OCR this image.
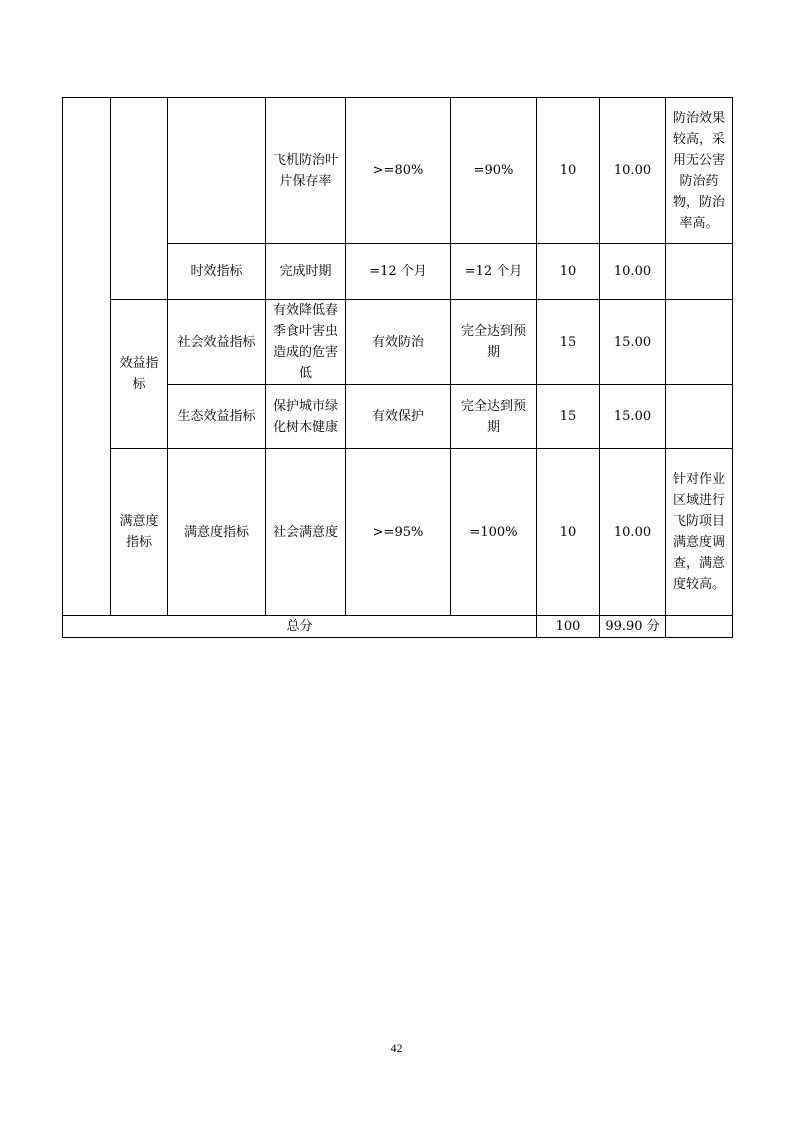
			飞机防治叶片保存率	>=80%	=90%	10	10.00	防治效果较高，采用无公害防治药物，防治率高。
		时效指标	完成时期	=12 个月	=12 个月	10	10.00	
	效益指标	社会效益指标	有效降低春季食叶害虫造成的危害低	有效防治	完全达到预期	15	15.00	
		生态效益指标	保护城市绿化树木健康	有效保护	完全达到预期	15	15.00	
	满意度指标	满意度指标	社会满意度	>=95%	=100%	10	10.00	针对作业区域进行飞防项目满意度调查，满意度较高。
总分						100	99.90 分	
42
